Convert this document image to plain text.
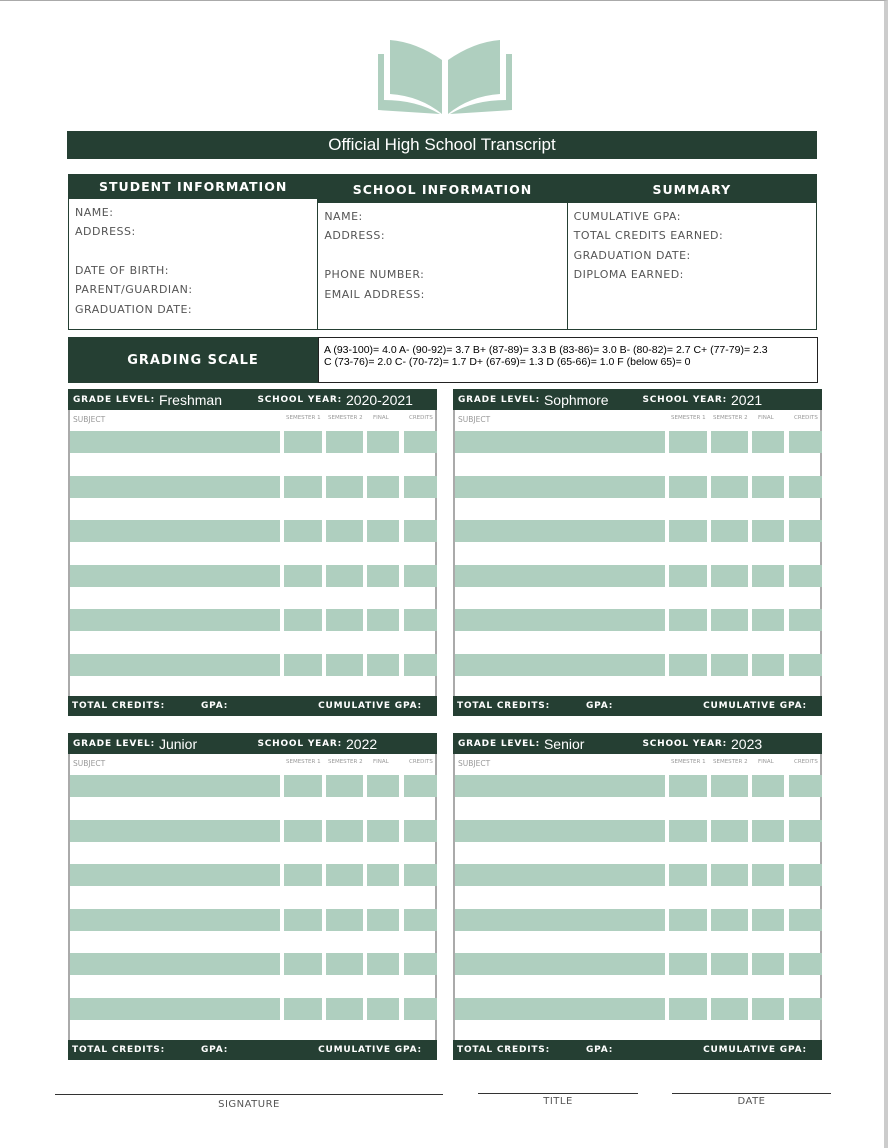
Official High School Transcript
STUDENT INFORMATION
NAME:
ADDRESS:
DATE OF BIRTH:
PARENT/GUARDIAN:
GRADUATION DATE:
SCHOOL INFORMATION
NAME:
ADDRESS:
PHONE NUMBER:
EMAIL ADDRESS:
SUMMARY
CUMULATIVE GPA:
TOTAL CREDITS EARNED:
GRADUATION DATE:
DIPLOMA EARNED:
GRADING SCALE
A (93-100)= 4.0 A- (90-92)= 3.7 B+ (87-89)= 3.3 B (83-86)= 3.0 B- (80-82)= 2.7 C+ (77-79)= 2.3
C (73-76)= 2.0 C- (70-72)= 1.7 D+ (67-69)= 1.3 D (65-66)= 1.0 F (below 65)= 0
GRADE LEVEL: Freshman	SCHOOL YEAR: 2020-2021
SUBJECT	SEMESTER 1 SEMESTER 2 FINAL	CREDITS
TOTAL CREDITS:	GPA:	CUMULATIVE GPA:
GRADE LEVEL: Sophmore	SCHOOL YEAR: 2021
SUBJECT	SEMESTER 1 SEMESTER 2 FINAL	CREDITS
TOTAL CREDITS:	GPA:	CUMULATIVE GPA:
GRADE LEVEL: Junior	SCHOOL YEAR: 2022
SUBJECT	SEMESTER 1 SEMESTER 2 FINAL	CREDITS
TOTAL CREDITS:	GPA:	CUMULATIVE GPA:
GRADE LEVEL: Senior	SCHOOL YEAR: 2023
SUBJECT	SEMESTER 1 SEMESTER 2 FINAL	CREDITS
TOTAL CREDITS:	GPA:	CUMULATIVE GPA:
SIGNATURE	TITLE	DATE
